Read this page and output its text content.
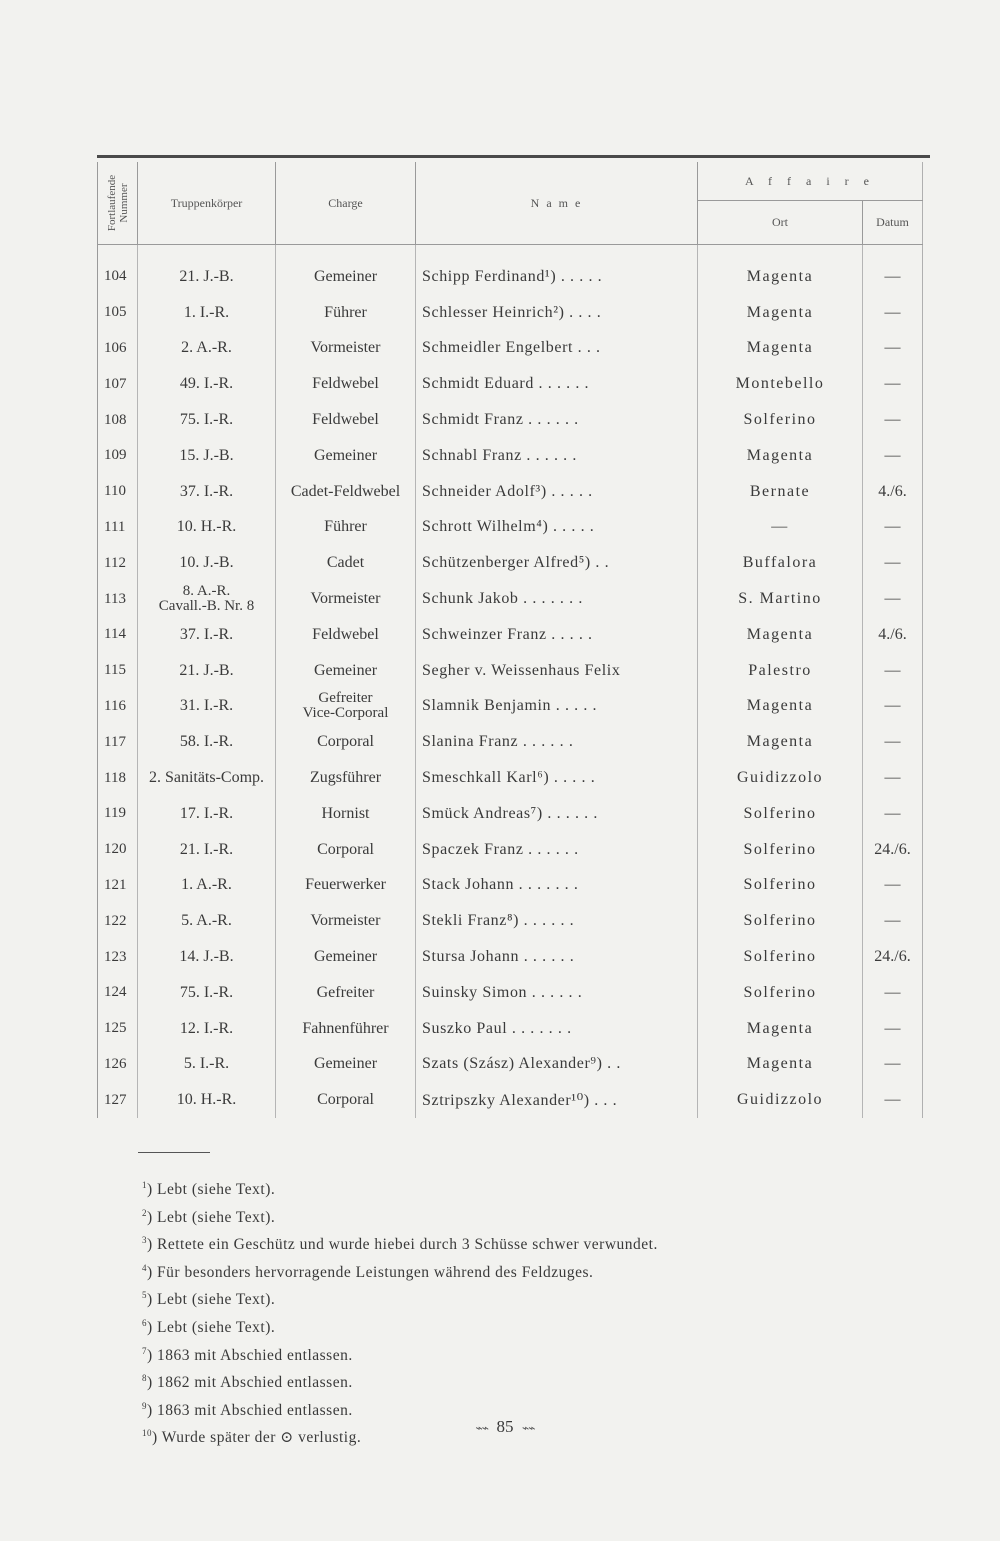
Fortlaufende Nummer	Truppenkörper	Charge	N a m e	A f f a i r e	
				Ort	Datum

104	21. J.-B.	Gemeiner	Schipp Ferdinand¹) . . . . .	Magenta	—
105	1. I.-R.	Führer	Schlesser Heinrich²) . . . .	Magenta	—
106	2. A.-R.	Vormeister	Schmeidler Engelbert . . .	Magenta	—
107	49. I.-R.	Feldwebel	Schmidt Eduard . . . . . .	Montebello	—
108	75. I.-R.	Feldwebel	Schmidt Franz . . . . . .	Solferino	—
109	15. J.-B.	Gemeiner	Schnabl Franz . . . . . .	Magenta	—
110	37. I.-R.	Cadet-Feldwebel	Schneider Adolf³) . . . . .	Bernate	4./6.
111	10. H.-R.	Führer	Schrott Wilhelm⁴) . . . . .	—	—
112	10. J.-B.	Cadet	Schützenberger Alfred⁵) . .	Buffalora	—
113	8. A.-R.
Cavall.-B. Nr. 8	Vormeister	Schunk Jakob . . . . . . .	S. Martino	—
114	37. I.-R.	Feldwebel	Schweinzer Franz . . . . .	Magenta	4./6.
115	21. J.-B.	Gemeiner	Segher v. Weissenhaus Felix	Palestro	—
116	31. I.-R.	Gefreiter
Vice-Corporal	Slamnik Benjamin . . . . .	Magenta	—
117	58. I.-R.	Corporal	Slanina Franz . . . . . .	Magenta	—
118	2. Sanitäts-Comp.	Zugsführer	Smeschkall Karl⁶) . . . . .	Guidizzolo	—
119	17. I.-R.	Hornist	Smück Andreas⁷) . . . . . .	Solferino	—
120	21. I.-R.	Corporal	Spaczek Franz . . . . . .	Solferino	24./6.
121	1. A.-R.	Feuerwerker	Stack Johann . . . . . . .	Solferino	—
122	5. A.-R.	Vormeister	Stekli Franz⁸) . . . . . .	Solferino	—
123	14. J.-B.	Gemeiner	Stursa Johann . . . . . .	Solferino	24./6.
124	75. I.-R.	Gefreiter	Suinsky Simon . . . . . .	Solferino	—
125	12. I.-R.	Fahnenführer	Suszko Paul . . . . . . .	Magenta	—
126	5. I.-R.	Gemeiner	Szats (Szász) Alexander⁹) . .	Magenta	—
127	10. H.-R.	Corporal	Sztripszky Alexander¹⁰) . . .	Guidizzolo	—
$^1$) Lebt (siehe Text).
$^2$) Lebt (siehe Text).
$^3$) Rettete ein Geschütz und wurde hiebei durch 3 Schüsse schwer verwundet.
$^4$) Für besonders hervorragende Leistungen während des Feldzuges.
$^5$) Lebt (siehe Text).
$^6$) Lebt (siehe Text).
$^7$) 1863 mit Abschied entlassen.
$^8$) 1862 mit Abschied entlassen.
$^9$) 1863 mit Abschied entlassen.
$^{10}$) Wurde später der ⊙ verlustig.
⌁⌁ 85 ⌁⌁
